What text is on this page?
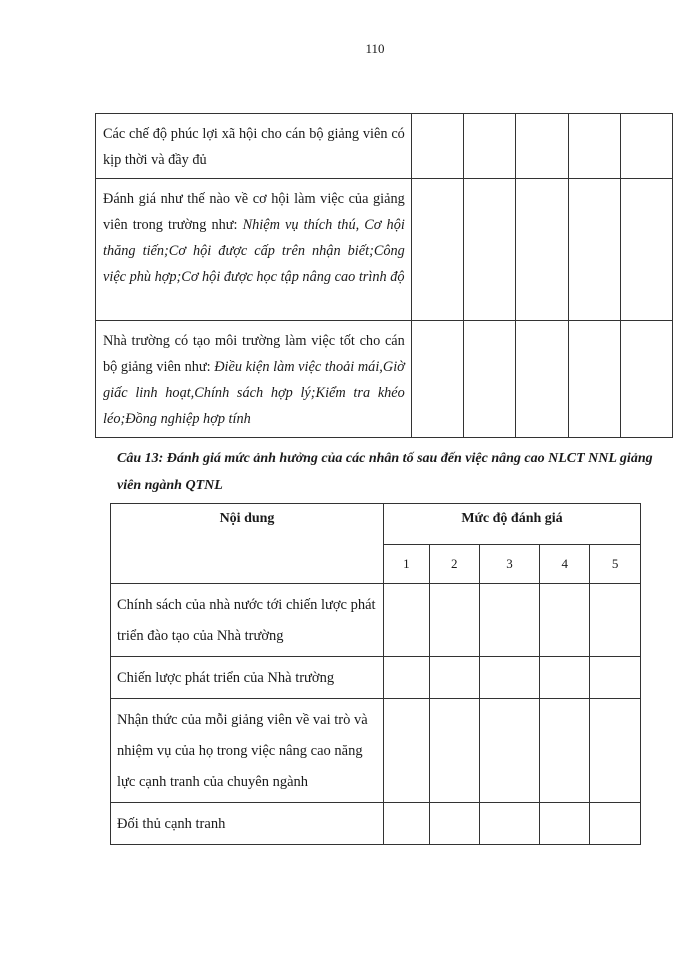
110
Các chế độ phúc lợi xã hội cho cán bộ giảng viên có kịp thời và đầy đủ					
Đánh giá như thế nào về cơ hội làm việc của giảng viên trong trường như: Nhiệm vụ thích thú, Cơ hội thăng tiến;Cơ hội được cấp trên nhận biết;Công việc phù hợp;Cơ hội được học tập nâng cao trình độ					
Nhà trường có tạo môi trường làm việc tốt cho cán bộ giảng viên như: Điều kiện làm việc thoải mái,Giờ giấc linh hoạt,Chính sách hợp lý;Kiểm tra khéo léo;Đồng nghiệp hợp tính					
Câu 13: Đánh giá mức ảnh hưởng của các nhân tố sau đến việc nâng cao NLCT NNL giảng viên ngành QTNL
Nội dung	Mức độ đánh giá				
	1	2	3	4	5
Chính sách của nhà nước tới chiến lược phát triển đào tạo của Nhà trường					
Chiến lược phát triển của Nhà trường					
Nhận thức của mỗi giảng viên về vai trò và nhiệm vụ của họ trong việc nâng cao năng lực cạnh tranh của chuyên ngành					
Đối thủ cạnh tranh					
